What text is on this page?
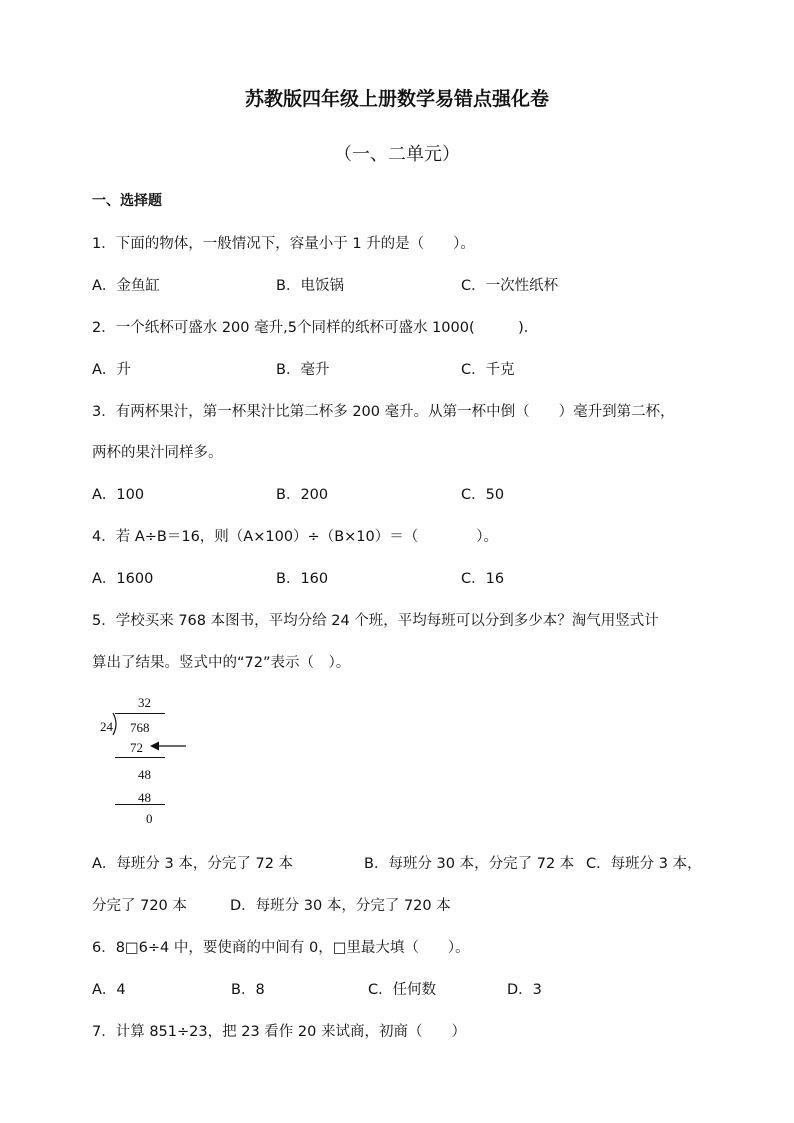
苏教版四年级上册数学易错点强化卷
（一、二单元）
一、选择题
1．下面的物体，一般情况下，容量小于 1 升的是（　　）。
A．金鱼缸	B．电饭锅	C．一次性纸杯
2．一个纸杯可盛水 200 毫升,5个同样的纸杯可盛水 1000(　　　)．
A．升	B．毫升	C．千克
3．有两杯果汁，第一杯果汁比第二杯多 200 毫升。从第一杯中倒（　　）毫升到第二杯，
两杯的果汁同样多。
A．100	B．200	C．50
4．若 A÷B＝16，则（A×100）÷（B×10）＝（　　　　）。
A．1600	B．160	C．16
5．学校买来 768 本图书，平均分给 24 个班，平均每班可以分到多少本？淘气用竖式计
算出了结果。竖式中的“72”表示（　）。
32
24 768
72
48
48
0
A．每班分 3 本，分完了 72 本	B．每班分 30 本，分完了 72 本 C．每班分 3 本，
分完了 720 本	D．每班分 30 本，分完了 720 本
6．8□6÷4 中，要使商的中间有 0，□里最大填（　　）。
A．4	B．8	C．任何数	D．3
7．计算 851÷23，把 23 看作 20 来试商，初商（　　）
